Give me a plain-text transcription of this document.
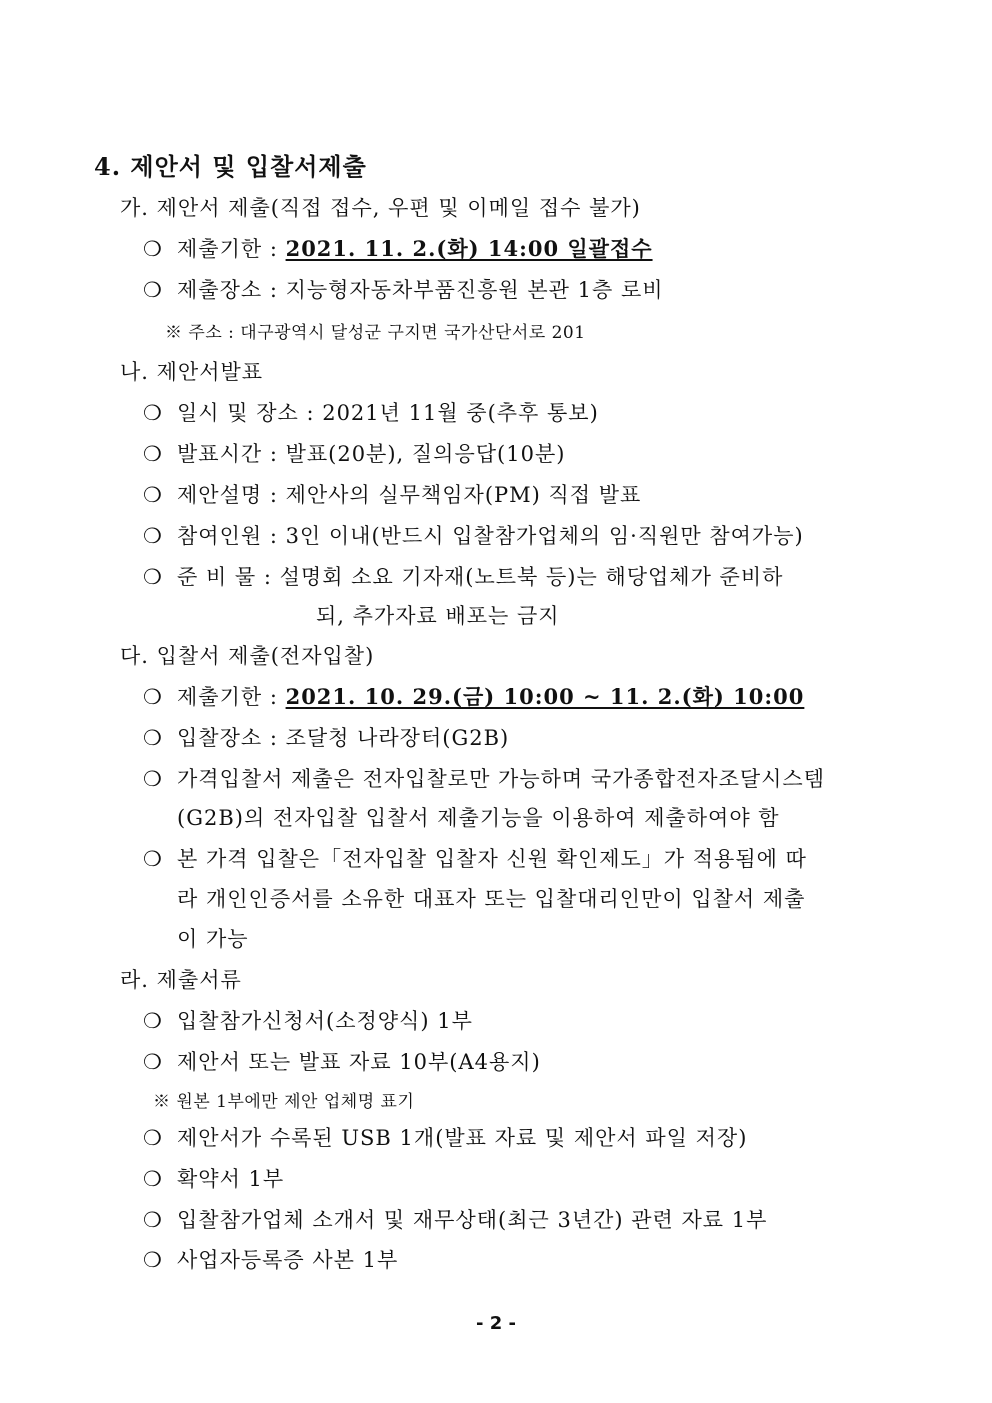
4. 제안서 및 입찰서제출
가. 제안서 제출(직접 접수, 우편 및 이메일 접수 불가)
❍ 제출기한 : 2021. 11. 2.(화) 14:00 일괄접수
❍ 제출장소 : 지능형자동차부품진흥원 본관 1층 로비
※ 주소 : 대구광역시 달성군 구지면 국가산단서로 201
나. 제안서발표
❍ 일시 및 장소 : 2021년 11월 중(추후 통보)
❍ 발표시간 : 발표(20분), 질의응답(10분)
❍ 제안설명 : 제안사의 실무책임자(PM) 직접 발표
❍ 참여인원 : 3인 이내(반드시 입찰참가업체의 임·직원만 참여가능)
❍ 준 비 물 : 설명회 소요 기자재(노트북 등)는 해당업체가 준비하
되, 추가자료 배포는 금지
다. 입찰서 제출(전자입찰)
❍ 제출기한 : 2021. 10. 29.(금) 10:00 ~ 11. 2.(화) 10:00
❍ 입찰장소 : 조달청 나라장터(G2B)
❍ 가격입찰서 제출은 전자입찰로만 가능하며 국가종합전자조달시스템
(G2B)의 전자입찰 입찰서 제출기능을 이용하여 제출하여야 함
❍ 본 가격 입찰은「전자입찰 입찰자 신원 확인제도」가 적용됨에 따
라 개인인증서를 소유한 대표자 또는 입찰대리인만이 입찰서 제출
이 가능
라. 제출서류
❍ 입찰참가신청서(소정양식) 1부
❍ 제안서 또는 발표 자료 10부(A4용지)
※ 원본 1부에만 제안 업체명 표기
❍ 제안서가 수록된 USB 1개(발표 자료 및 제안서 파일 저장)
❍ 확약서 1부
❍ 입찰참가업체 소개서 및 재무상태(최근 3년간) 관련 자료 1부
❍ 사업자등록증 사본 1부
- 2 -
